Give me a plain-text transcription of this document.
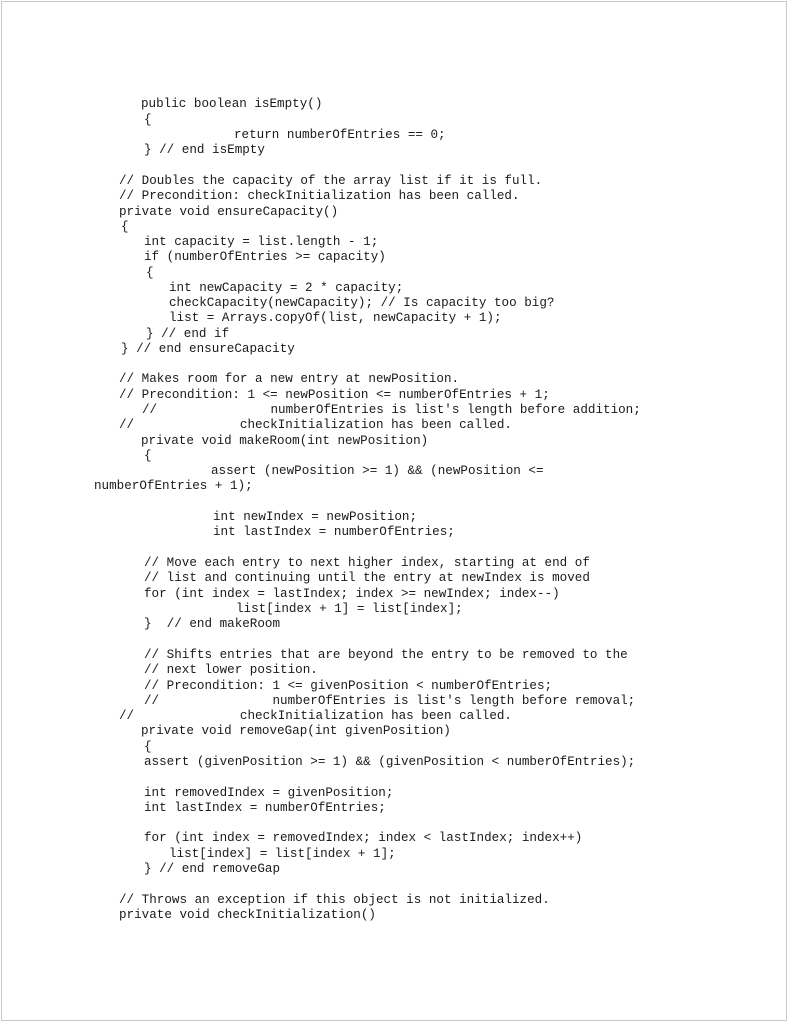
public boolean isEmpty()
{
return numberOfEntries == 0;
} // end isEmpty
// Doubles the capacity of the array list if it is full.
// Precondition: checkInitialization has been called.
private void ensureCapacity()
{
int capacity = list.length - 1;
if (numberOfEntries >= capacity)
{
int newCapacity = 2 * capacity;
checkCapacity(newCapacity); // Is capacity too big?
list = Arrays.copyOf(list, newCapacity + 1);
} // end if
} // end ensureCapacity
// Makes room for a new entry at newPosition.
// Precondition: 1 <= newPosition <= numberOfEntries + 1;
//               numberOfEntries is list's length before addition;
//              checkInitialization has been called.
private void makeRoom(int newPosition)
{
assert (newPosition >= 1) && (newPosition <=
numberOfEntries + 1);
int newIndex = newPosition;
int lastIndex = numberOfEntries;
// Move each entry to next higher index, starting at end of
// list and continuing until the entry at newIndex is moved
for (int index = lastIndex; index >= newIndex; index--)
list[index + 1] = list[index];
}  // end makeRoom
// Shifts entries that are beyond the entry to be removed to the
// next lower position.
// Precondition: 1 <= givenPosition < numberOfEntries;
//               numberOfEntries is list's length before removal;
//              checkInitialization has been called.
private void removeGap(int givenPosition)
{
assert (givenPosition >= 1) && (givenPosition < numberOfEntries);
int removedIndex = givenPosition;
int lastIndex = numberOfEntries;
for (int index = removedIndex; index < lastIndex; index++)
list[index] = list[index + 1];
} // end removeGap
// Throws an exception if this object is not initialized.
private void checkInitialization()
